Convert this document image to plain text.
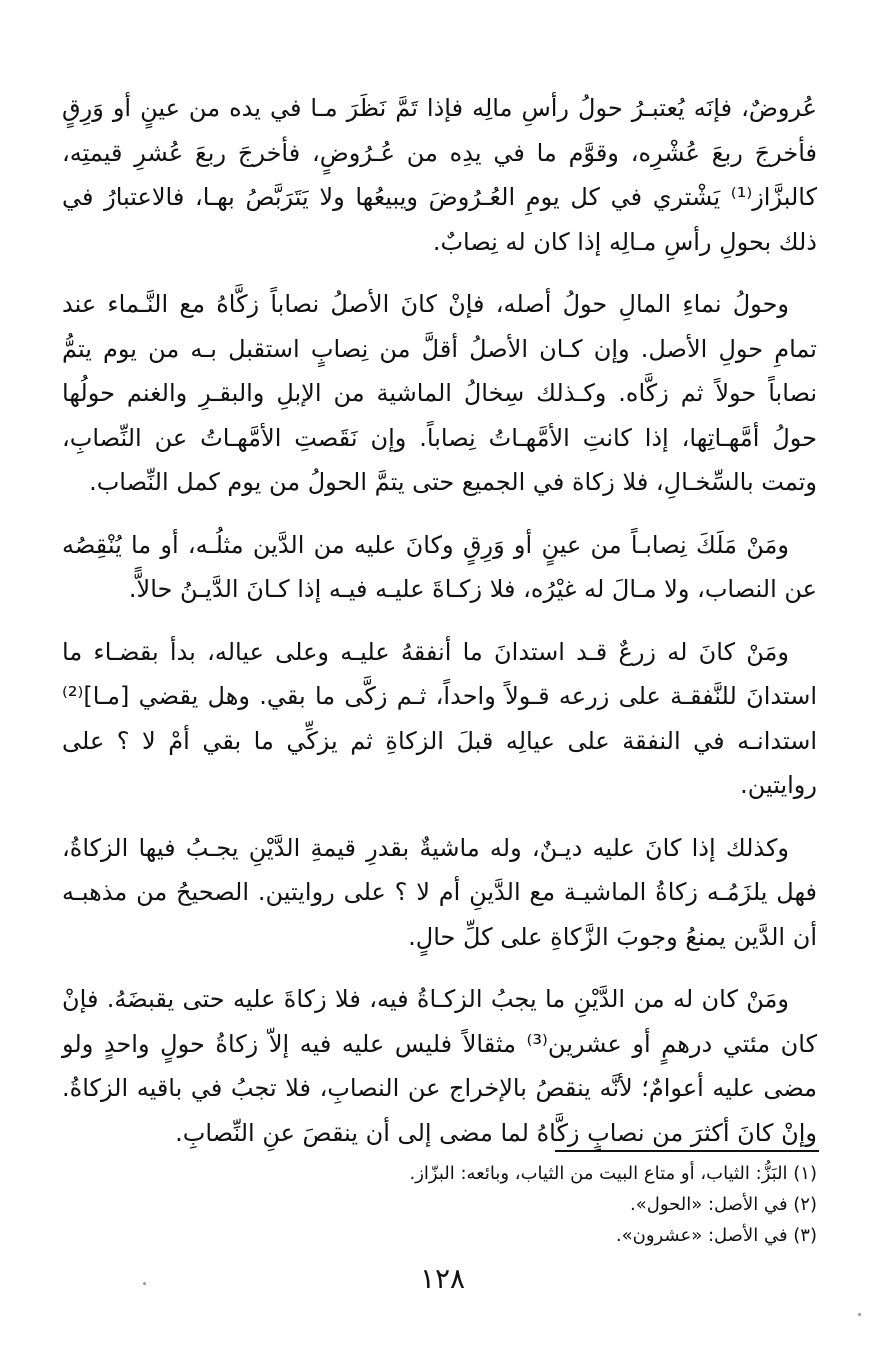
عُروضٌ، فإنَه يُعتبـرُ حولُ رأسِ مالِه فإذا تَمَّ نَظَرَ مـا في يده من عينٍ أو وَرِقٍ فأخرجَ ربعَ عُشْرِه، وقوَّم ما في يدِه من عُـرُوضٍ، فأخرجَ ربعَ عُشرِ قيمتِه، كالبزَّاز⁽¹⁾ يَشْتري في كل يومِ العُـرُوضَ ويبيعُها ولا يَتَرَبَّصُ بهـا، فالاعتبارُ في ذلك بحولِ رأسِ مـالِه إذا كان له نِصابٌ.

وحولُ نماءِ المالِ حولُ أصله، فإنْ كانَ الأصلُ نصاباً زكَّاهُ مع النَّـماء عند تمامِ حولِ الأصل. وإن كـان الأصلُ أقلَّ من نِصابٍ استقبل بـه من يوم يتمُّ نصاباً حولاً ثم زكَّاه. وكـذلك سِخالُ الماشية من الإبلِ والبقـرِ والغنم حولُها حولُ أمَّهـاتِها، إذا كانتِ الأمَّهـاتُ نِصاباً. وإن نَقَصتِ الأمَّهـاتُ عن النِّصابِ، وتمت بالسِّخـالِ، فلا زكاة في الجميع حتى يتمَّ الحولُ من يوم كمل النِّصاب.

ومَنْ مَلَكَ نِصابـاً من عينٍ أو وَرِقٍ وكانَ عليه من الدَّين مثلُـه، أو ما يُنْقِصُه عن النصاب، ولا مـالَ له غيْرُه، فلا زكـاةَ عليـه فيـه إذا كـانَ الدَّيـنُ حالاًّ.

ومَنْ كانَ له زرعٌ قـد استدانَ ما أنفقهُ عليـه وعلى عياله، بدأ بقضـاء ما استدانَ للنَّفقـة على زرعه قـولاً واحداً، ثـم زكَّى ما بقي. وهل يقضي [مـا]⁽²⁾ استدانـه في النفقة على عيالِه قبلَ الزكاةِ ثم يزكِّي ما بقي أمْ لا ؟ على روايتين.

وكذلك إذا كانَ عليه ديـنٌ، وله ماشيةٌ بقدرِ قيمةِ الدَّيْنِ يجـبُ فيها الزكاةُ، فهل يلزَمُـه زكاةُ الماشيـة مع الدَّينِ أم لا ؟ على روايتين. الصحيحُ من مذهبـه أن الدَّين يمنعُ وجوبَ الزَّكاةِ على كلِّ حالٍ.

ومَنْ كان له من الدَّيْنِ ما يجبُ الزكـاةُ فيه، فلا زكاةَ عليه حتى يقبضَهُ. فإنْ كان مئتي درهمٍ أو عشرين⁽³⁾ مثقالاً فليس عليه فيه إلاّ زكاةُ حولٍ واحدٍ ولو مضى عليه أعوامٌ؛ لأنَّه ينقصُ بالإخراج عن النصابِ، فلا تجبُ في باقيه الزكاةُ. وإنْ كانَ أكثرَ من نصابٍ زكَّاهُ لما مضى إلى أن ينقصَ عنِ النِّصابِ.

(١) البَزُّ: الثياب، أو متاع البيت من الثياب، وبائعه: البزّاز.
(٢) في الأصل: «الحول».
(٣) في الأصل: «عشرون».
١٢٨
